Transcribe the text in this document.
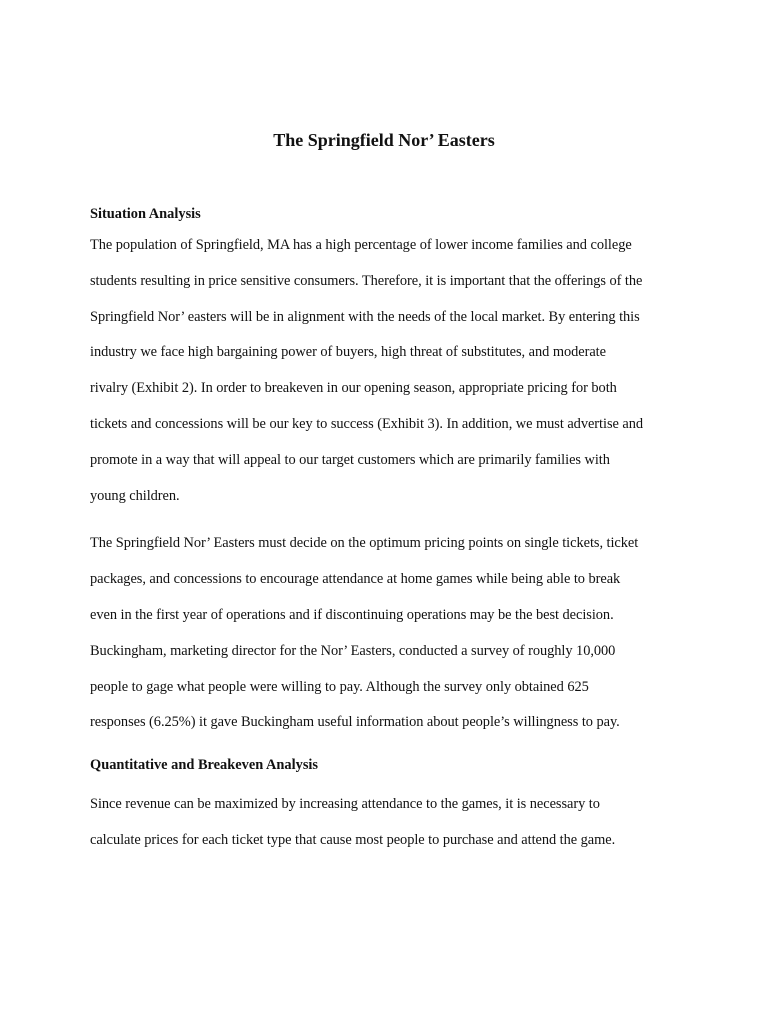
The Springfield Nor’ Easters
Situation Analysis

The population of Springfield, MA has a high percentage of lower income families and college
students resulting in price sensitive consumers. Therefore, it is important that the offerings of the
Springfield Nor’ easters will be in alignment with the needs of the local market. By entering this
industry we face high bargaining power of buyers, high threat of substitutes, and moderate
rivalry (Exhibit 2). In order to breakeven in our opening season, appropriate pricing for both
tickets and concessions will be our key to success (Exhibit 3). In addition, we must advertise and
promote in a way that will appeal to our target customers which are primarily families with
young children.

The Springfield Nor’ Easters must decide on the optimum pricing points on single tickets, ticket
packages, and concessions to encourage attendance at home games while being able to break
even in the first year of operations and if discontinuing operations may be the best decision.
Buckingham, marketing director for the Nor’ Easters, conducted a survey of roughly 10,000
people to gage what people were willing to pay. Although the survey only obtained 625
responses (6.25%) it gave Buckingham useful information about people’s willingness to pay.

Quantitative and Breakeven Analysis

Since revenue can be maximized by increasing attendance to the games, it is necessary to
calculate prices for each ticket type that cause most people to purchase and attend the game.
